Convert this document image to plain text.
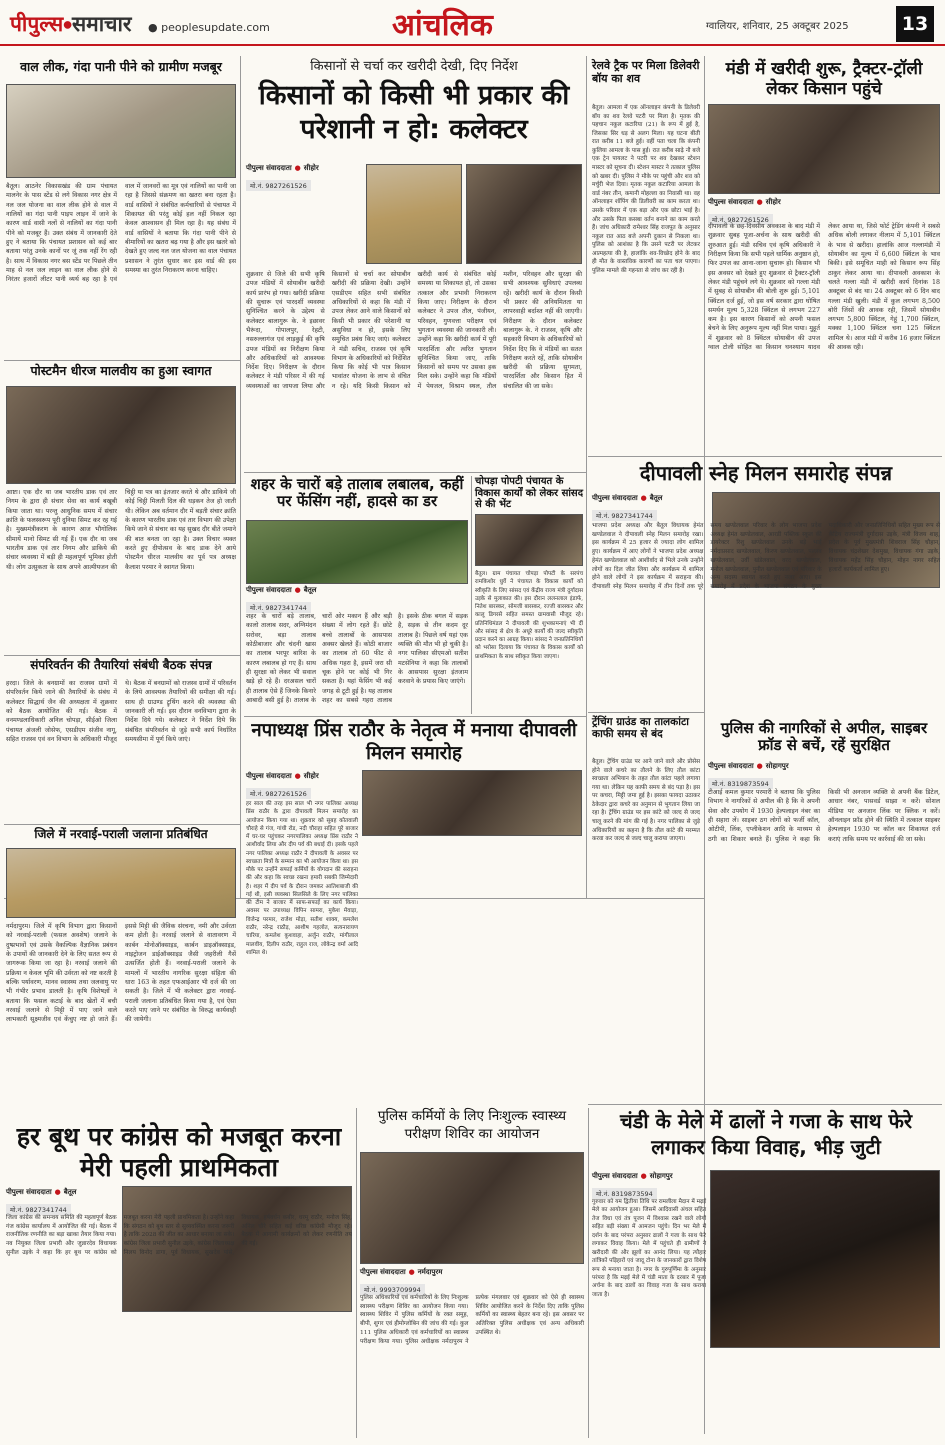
पीपुल्स●समाचार ● peoplesupdate.com	आंचलिक	ग्वालियर, शनिवार, 25 अक्टूबर 2025	13
वाल लीक, गंदा पानी पीने को ग्रामीण मजबूर
बैतूल। आठनेर विकासखंड की ग्राम पंचायत मालनेर के पास स्टेंड से लगे विकास नगर क्षेत्र में नल जल योजना का वाल लीक होने से वाल में नालियों का गंदा पानी पाइप लाइन में जाने के कारण वार्ड वासी नलों से नालियों का गंदा पानी पीने को मजबूर हैं। उक्त संबंध में जानकारी देते हुए ने बताया कि पंचायत प्रशासन को कई बार बताया परंतु उनके कानों पर जूं तक नहीं रेंग रही है। साथ में विकास नगर बस स्टेंड पर पिछले तीन माह से नल जल लाइन का वाल लीक होने से निरंतर हजारों लीटर पानी व्यर्थ बह रहा है एवं वाल में जानवरों का मूत्र एवं नालियों का पानी जा रहा है जिससे संक्रमण का खतरा बना रहता है। वार्ड वासियों ने संबंधित कर्मचारियों से पंचायत में शिकायत की परंतु कोई हल नहीं निकल रहा केवल आश्वासन ही मिल रहा है। यह संबंध में वार्ड वासियों ने बताया कि गंदा पानी पीने से बीमारियों का खतरा बढ़ गया है और इस खतरे को देखते हुए जल्द नल जल योजना का वाल पंचायत प्रशासन ने तुरंत सुधार कर इस वार्ड की इस समस्या का तुरंत निराकरण करना चाहिए।
पोस्टमैन धीरज मालवीय का हुआ स्वागत
आष्टा। एक दौर था जब भारतीय डाक एवं तार निगम के द्वारा ही संचार सेवा का कार्य बखूबी किया जाता था। परन्तु आधुनिक समय में संचार क्रांति के फलस्वरूप पूरी दुनिया सिमट कर रह गई है। मुख्यमंत्रीकरण के कारण आज भौगोलिक सीमायें मानो सिमट सी गई हैं। एक दौर था जब भारतीय डाक एवं तार निगम और डाकिये की संचार व्यवस्था में बड़ी ही महत्वपूर्ण भूमिका होती थी। लोग उत्सुकता के साथ अपने आत्मीयजन की चिट्ठी या पत्र का इंतजार करते थे और डाकिये जी कोई चिट्ठी मिलती दिल की धड़कन तेज हो जाती थी। लेकिन अब वर्तमान दौर में बड़ती संचार क्रांति के कारण भारतीय डाक एवं तार विभाग की उपेक्षा किये जाने से संचार का यह सुखद दौर बीते जमाने की बात बनता जा रहा है। उक्त विचार व्यक्त करते हुए दीपोत्सव के बाद डाक देने आये पोस्टमैन धीरज मालवीय का पूर्व पत्र अध्यक्ष कैलाश परमार ने स्वागत किया।
संपरिवर्तन की तैयारियां संबंधी बैठक संपन्न
हरदा। जिले के बनग्रामों का राजस्व ग्रामों में संपरिवर्तन किये जाने की तैयारियों के संबंध में कलेक्टर सिद्धार्थ जैन की अध्यक्षता में शुक्रवार को बैठक आयोजित की गई। बैठक में वनमण्डलाधिकारी अनिल चोपड़ा, सीईओ जिला पंचायत अंजली जोसेफ, एसडीएम संजीव नागू, सहित राजस्व एवं वन विभाग के अधिकारी मौजूद थे। बैठक में बनग्रामों को राजस्व ग्रामों में परिवर्तन के लिये आवश्यक तैयारियों की समीक्षा की गई। साथ ही ग्राउण्ड ट्रुथिंग करने की व्यवस्था की जानकारी ली गई। इस दौरान वनविभाग द्वारा के निर्देश दिये गये। कलेक्टर ने निर्देश दिये कि संबंधित संपरिवर्तन से जुड़े सभी कार्य निर्धारित समयसीमा में पूर्ण किये जाएं।
जिले में नरवाई-पराली जलाना प्रतिबंधित
नर्मदापुरम। जिले में कृषि विभाग द्वारा किसानों को नरवाई-पराली (फसल अवशेष) जलाने के दुष्प्रभावों एवं उसके वैकल्पिक वैज्ञानिक प्रबंधन के उपायों की जानकारी देने के लिए सतत रूप से जागरूक किया जा रहा है। नरवाई जलाने की प्रक्रिया न केवल भूमि की उर्वरता को नष्ट करती है बल्कि पर्यावरण, मानव स्वास्थ्य तथा जलवायु पर भी गंभीर प्रभाव डालती है। कृषि विशेषज्ञों ने बताया कि फसल कटाई के बाद खेतों में बची नरवाई जलाने से मिट्टी में पाए जाने वाले लाभकारी सूक्ष्मजीव एवं केंचुए नष्ट हो जाते हैं। इससे मिट्टी की जैविक संरचना, नमी और उर्वरता कम होती है। नरवाई जलाने से वातावरण में कार्बन मोनोऑक्साइड, कार्बन डाइऑक्साइड, नाइट्रोजन डाईऑक्साइड जैसी जहरीली गैसें उत्सर्जित होती हैं। नरवाई-पराली जलाने के मामलों में भारतीय नागरिक सुरक्षा संहिता की धारा 163 के तहत एफआईआर भी दर्ज की जा सकती है। जिले में भी कलेक्टर द्वारा नरवाई-पराली जलाना प्रतिबंधित किया गया है, एवं ऐसा करते पाए जाने पर संबंधित के विरुद्ध कार्यवाही की जायेगी।
किसानों से चर्चा कर खरीदी देखी, दिए निर्देश
किसानों को किसी भी प्रकार की परेशानी न हो: कलेक्टर
पीपुल्स संवाददाता ● सीहोर
मो.नं. 9827261526
शुक्रवार से जिले की सभी कृषि उपज मंडियों में सोयाबीन खरीदी कार्य प्रारंभ हो गया। खरीदी प्रक्रिया की सुचारू एवं पारदर्शी व्यवस्था सुनिश्चित करने के उद्देश्य से कलेक्टर बालागुरू के. ने इछावर भैरूंदा, गोपालपुर, रेहटी, नसरुल्लागंज एवं लाड़कुई की कृषि उपज मंडियों का निरीक्षण किया और अधिकारियों को आवश्यक निर्देश दिए। निरीक्षण के दौरान कलेक्टर ने मंडी परिसर में की गई व्यवस्थाओं का जायजा लिया और किसानों से चर्चा कर सोयाबीन खरीदी की प्रक्रिया देखी। उन्होंने एसडीएम सहित सभी संबंधित अधिकारियों से कहा कि मंडी में उपज लेकर आने वाले किसानों को किसी भी प्रकार की परेशानी या असुविधा न हो, इसके लिए समुचित प्रबंध किए जाएं। कलेक्टर ने मंडी सचिव, राजस्व एवं कृषि विभाग के अधिकारियों को निर्देशित किया कि कोई भी पात्र किसान भावांतर योजना के लाभ से वंचित न रहे। यदि किसी किसान को खरीदी कार्य से संबंधित कोई समस्या या शिकायत हो, तो उसका तत्काल और प्रभावी निराकरण किया जाए। निरीक्षण के दौरान कलेक्टर ने उपज तौल, पंजीयन, परिवहन, गुणवत्ता परीक्षण एवं भुगतान व्यवस्था की जानकारी ली। उन्होंने कहा कि खरीदी कार्य में पूरी पारदर्शिता और त्वरित भुगतान सुनिश्चित किया जाए, ताकि किसानों को समय पर उसका हक मिल सके। उन्होंने कहा कि मंडियों में पेयजल, विश्राम स्थल, तौल मशीन, परिवहन और सुरक्षा की सभी आवश्यक सुविधाएं उपलब्ध रहें। खरीदी कार्य के दौरान किसी भी प्रकार की अनियमितता या लापरवाही बर्दाश्त नहीं की जाएगी। निरीक्षण के दौरान कलेक्टर बालागुरू के. ने राजस्व, कृषि और सहकारी विभाग के अधिकारियों को निर्देश दिए कि वे मंडियों का सतत निरीक्षण करते रहें, ताकि सोयाबीन खरीदी की प्रक्रिया सुगमता, पारदर्शिता और किसान हित में संचालित की जा सके।
शहर के चारों बड़े तालाब लबालब, कहीं पर फेंसिंग नहीं, हादसे का डर
पीपुल्स संवाददाता ● बैतूल
मो.नं. 9827341744
शहर के चारों बड़े तालाब, कालो तालाब सदर, अग्निमंदन सरोवर, बड़ा तालाब कोठीबाजार और चंदनी खास का तालाब भरपूर बारिश के कारण लबालब हो गए हैं। साथ ही सुरक्षा को लेकर भी सवाल खड़े हो रहे हैं। दरअसल चारों ही तालाब ऐसे हैं जिनके किनारे आबादी बसी हुई है। तालाब के चारों ओर मकान हैं और बड़ी संख्या में लोग रहते हैं। छोटे बच्चे तालाबों के आसपास अक्सर खेलते हैं। कोठी बाजार का तालाब तो 60 फीट से अधिक गहरा है, इसमें जरा सी चूक होने पर कोई भी गिर सकता है। यहां फेंसिंग भी कई जगह से टूटी हुई है। यह तालाब शहर का सबसे गहरा तालाब है। इसके ठीक बगल में सड़क है, सड़क से तीन कदम दूर तालाब है। पिछले वर्ष यहां एक व्यक्ति की मौत भी हो चुकी है। नगर पालिका सीएमओ सतीश मटसेनिया ने कहा कि तालाबों के आसपास सुरक्षा इंतजाम करवाने के प्रयास किए जाएंगे।
चोपड़ा पोपटी पंचायत के विकास कार्यों को लेकर सांसद से की भेंट
बैतूल। ग्राम पंचायत चोपड़ा पोपटी के सरपंच रामकिशोर धुर्वे ने पंचायत के विकास कार्यों को स्वीकृति के लिए सांसद एवं केंद्रीय राज्य मंत्री दुर्गादास उइके से मुलाकात की। इस दौरान ललनलाल इंडार्फ, नितेश बारस्कर, सोमजी बारस्कर, रज्जी बारस्कर और कालू डिगरसे सहित समस्त ग्रामवासी मौजूद रहे। प्रतिनिधिमंडल ने दीपावली की शुभकामनाएं भी दीं और सांसद से क्षेत्र के अधूरे कार्यों की जल्द स्वीकृति प्रदान करने का आग्रह किया। सांसद ने जनप्रतिनिधियों को भरोसा दिलाया कि पंचायत के विकास कार्यों को प्राथमिकता के साथ स्वीकृत किया जाएगा।
नपाध्यक्ष प्रिंस राठौर के नेतृत्व में मनाया दीपावली मिलन समारोह
पीपुल्स संवाददाता ● सीहोर
मो.नं. 9827261526
हर साल की तरह इस साल भी नगर पालिका अध्यक्ष प्रिंस राठौर के द्वारा दीपावली मिलन समारोह का आयोजन किया गया था। शुक्रवार को सुबह कोतवाली चौराहे से गंज, गांधी रोड, नदी चौराहा सहित पूरे बाजार में घर-घर पहुंचकर नगरपालिका अध्यक्ष प्रिंस राठौर ने आशीर्वाद लिया और दीप पर्व की बधाई दी। इसके पहले नगर पालिका अध्यक्ष राठौर ने दीपावली के अवसर पर स्वच्छता मित्रों के सम्मान का भी आयोजन किया था। इस मौके पर उन्होंने सफाई कर्मियों के योगदान की सराहना की और कहा कि स्वच्छ रखना हमारी सबकी जिम्मेदारी है। शहर में दीप पर्व के दौरान जमकर आतिशबाजी की गई थी, इसी व्यवस्था सिलसिले के लिए नगर पालिका की टीम ने बाजार में साफ-सफाई का कार्य किया। अवसर पर उपाध्यक्ष विपिन सामरा, मुकेश मेवाड़ा, विजेन्द्र परमार, राजेश मोड़ा, सतीश शाक्य, कमलेश राठौर, नरेन्द्र राठौड़, आशीष गहलोत, सत्यनारायण चारिया, कमलेश कुशवाहा, अर्जुन राठौर, मांगीलाल मालवीय, दिलीप राठौर, राहुल राज, लोकेन्द्र वर्मा आदि शामिल थे।
रेलवे ट्रैक पर मिला डिलेवरी बॉय का शव
बैतूल। आमला में एक ऑनलाइन कंपनी के डिलेवरी बॉय का शव रेलवे पटरी पर मिला है। मृतक की पहचान नकुल कटारिया (21) के रूप में हुई है, जिसका सिर धड़ से अलग मिला। यह घटना बीती रात करीब 11 बजे हुई। वहीं पता चला कि कंपनी कुलिया आमला के पास हुई। रात करीब साढ़े नौ बजे एक ट्रेन पायलट ने पटरी पर शव देखकर स्टेशन मास्टर को सूचना दी। स्टेशन मास्टर ने तत्काल पुलिस को खबर दी। पुलिस ने मौके पर पहुंची और शव को मर्चुरी भेज दिया। मृतक नकुल कटारिया आमला के वार्ड नंबर तीन, कमानी मोहल्ला का निवासी था। वह ऑनलाइन शॉपिंग की डिलीवरी का काम करता था। उसके परिवार में एक बड़ा और एक छोटा भाई है। और उसके पिता कसबा वर्तन बनाने का काम करते हैं। जांच अधिकारी रामेश्वर सिंह राजपूत के अनुसार नकुल रात आठ बजे अपनी दुकान से निकला था। पुलिस को आशंका है कि उसने पटरी पर लेटकर आत्महत्या की है, हालांकि शव-विच्छेद होने के बाद ही मौत के वास्तविक कारणों का पता चल पाएगा। पुलिस मामले की गहनता से जांच कर रही है।
मंडी में खरीदी शुरू, ट्रैक्टर-ट्रॉली लेकर किसान पहुंचे
पीपुल्स संवाददाता ● सीहोर
मो.नं. 9827261526
दीपावली के छह-दिवसीय अवकाश के बाद मंडी में शुक्रवार सुबह पूजा-अर्चना के साथ खरीदी की शुरुआत हुई। मंडी सचिव एवं कृषि अधिकारी ने निरीक्षण किया कि सभी पहले धार्मिक अनुष्ठान हो, फिर उपज का आना-जाना सुचारू हो। किसान भी इस अवसर को देखते हुए शुक्रवार से ट्रैक्टर-ट्रॉली लेकर मंडी पहुंचने लगे थे। शुक्रवार को गल्ला मंडी में सुबह से सोयाबीन की बोली शुरू हुई। 5,101 क्विंटल दर्ज हुई, जो इस वर्ष सरकार द्वारा घोषित समर्थन मूल्य 5,328 क्विंटल से लगभग 227 कम है। इस कारण किसानों को अपनी फसल बेचने के लिए अनुरूप मूल्य नहीं मिल पाया। मुहूर्त में शुक्रवार को 8 क्विंटल सोयाबीन की उपज ग्वाल टोली सोहित का किसान घनश्याम यादव लेकर आया था, जिसे फोर्ट ट्रेडिंग कंपनी ने सबसे अधिक बोली लगाकर नीलाम में 5,101 क्विंटल के भाव से खरीदा। हालांकि आज गल्लामंडी में सोयाबीन का मूल्य में 6,600 क्विंटल के भाव बिकी। इसे समूचित माही को किसान रूप सिंह ठाकुर लेकर आया था। दीपावली अवकाश के चलते गल्ला मंडी में खरीदी कार्य दिनांक 18 अक्टूबर से बंद था। 24 अक्टूबर को 6 दिन बाद गल्ला मंडी खुली। मंडी में कुल लगभग 8,500 बोरी जिंसों की आवक रही, जिसमें सोयाबीन लगभग 5,800 क्विंटल, गेहूं 1,700 क्विंटल, मक्का 1,100 क्विंटल चना 125 क्विंटल शामिल थे। आज मंडी में करीब 16 हजार क्विंटल की आवक रही।
दीपावली स्नेह मिलन समारोह संपन्न
पीपुल्स संवाददाता ● बैतूल
मो.नं. 9827341744
भाजपा प्रदेश अध्यक्ष और बैतूल विधायक हेमंत खण्डेलवाल ने दीपावली स्नेह मिलन समारोह रखा। इस कार्यक्रम में 25 हजार से ज्यादा लोग शामिल हुए। कार्यक्रम में आए लोगों ने भाजपा प्रदेश अध्यक्ष हेमंत खण्डेलवाल को आशीर्वाद से भिले उनके उन्होंने लोगों का दिल जीत लिया और कार्यक्रम में शामिल होने वाले लोगों ने इस कार्यक्रम में सराहना की। दीपावली स्नेह मिलन समारोह में तीन दिनों तक पूरे समय खण्डेलवाल परिवार के लोग भाजपा प्रदेश अध्यक्ष हेमंत खण्डेलवाल, आरडी पब्लिक स्कूल की डायरेक्टर रिशु खण्डेलवाल उनके बड़े भाई नर्मदाप्रसाद खण्डेलवाल, किरण खण्डेलवाल, पल्लव खण्डेलवाल, उर्वी खंडेलवाल, वरद खण्डेलवाल, मनोज खण्डेलवाल, पुनीत खण्डेलवाल एवं परिवार के अन्य सदस्य स्वागत करते हुए नजर आए। इस समारोह में प्रदेश के भाजपा संगठन के मुख्य पदाधिकारी और जनप्रतिनिधियों सहित मुख्य रूप से केंद्रिय राज्यमंत्री दुर्गादास उइके, मंत्री विजय शाह, प्रदेश के पूर्व मुख्यमंत्री शिवराज सिंह चौहान, विधायक चंद्रशेखर देशमुख, विधायक गंगा उइके, विधायक महेंद्र सिंह चौहान, मोहन नागर सहित हजारों कार्यकर्ता शामिल हुए।
ट्रेंचिंग ग्राउंड का तालकांटा काफी समय से बंद
बैतूल। ट्रेंचिंग ग्राउंड पर आने जाने वाले और प्रोसेस होने वाले कचरे का तौलने के लिए तौल कांटा स्वच्छता अभियान के तहत तौल कांटा पहले लगाया गया था। लेकिन यह काफी समय से बंद पड़ा है। इस पर कचरा, मिट्टी जमा हुई है। इसका फायदा उठाकर ठेकेदार द्वारा कचरे का अनुमान से भुगतान लिया जा रहा है। ट्रेंचिंग ग्राउंड पर इस कांटे को जल्द से जल्द चालू करने की मांग की गई है। नगर पालिका से जुड़े अधिकारियों का कहना है कि तौल कांटे की मरम्मत करवा कर जल्द से जल्द चालू कराया जाएगा।
पुलिस की नागरिकों से अपील, साइबर फ्रॉड से बचें, रहें सुरक्षित
पीपुल्स संवाददाता ● सोहागपुर
मो.नं. 8319873594
टीआई कमल कुमार परमारी ने बताया कि पुलिस विभाग ने नागरिकों से अपील की है कि वे अपनी सेवा और उपयोग में 1930 हेल्पलाइन नंबर का ही सहारा लें। साइबर ठग लोगों को फर्जी कॉल, ओटीपी, लिंक, एप्लीकेशन आदि के माध्यम से ठगी का शिकार बनाते हैं। पुलिस ने कहा कि किसी भी अनजान व्यक्ति से अपनी बैंक डिटेल, आधार नंबर, पासवर्ड साझा न करें। सोशल मीडिया पर अनजान लिंक पर क्लिक न करें। ऑनलाइन फ्रॉड होने की स्थिति में तत्काल साइबर हेल्पलाइन 1930 पर कॉल कर शिकायत दर्ज कराएं ताकि समय पर कार्रवाई की जा सके।
हर बूथ पर कांग्रेस को मजबूत करना मेरी पहली प्राथमिकता
पीपुल्स संवाददाता ● बैतूल
मो.नं. 9827341744
जिला कांग्रेस की समन्वय समिति की महत्वपूर्ण बैठक गंज कांग्रेस कार्यालय में आयोजित की गई। बैठक में राजनीतिक रणनीति का बड़ा खाका तैयार किया गया। नव नियुक्त जिला प्रभारी और जुन्नारदेव विधायक सुनील उइके ने कहा कि हर बूथ पर कांग्रेस को मजबूत करना मेरी पहली प्राथमिकता है। उन्होंने कहा कि संगठन को बूथ स्तर से सुव्यवस्थित करना जरूरी है ताकि 2028 की जीत का आधार बनाया जा सके। कांग्रेस जिला प्रभारी सुनील उइके, कांग्रेस जिलाध्यक्ष निलय विनोद डागा, पूर्व विधायक, सुखदेव पांसे, विधायक, हर्षवर्धन कबीर, धरमू राठौर, मनोज सिंह, अनिल चौरे सहित कई वरिष्ठ कांग्रेसी मौजूद रहे। बैठक में आगामी कार्यक्रमों को लेकर रणनीति तय की गई।
पुलिस कर्मियों के लिए निःशुल्क स्वास्थ्य परीक्षण शिविर का आयोजन
पीपुल्स संवाददाता ● नर्मदापुरम
मो.नं. 9993709994
पुलिस अधिकारियों एवं कर्मचारियों के लिए निःशुल्क स्वास्थ्य परीक्षण शिविर का आयोजन किया गया। स्वास्थ्य शिविर में पुलिस कर्मियों के रक्त समूह, बीपी, शुगर एवं हीमोग्लोबिन की जांच की गई। कुल 111 पुलिस अधिकारी एवं कर्मचारियों का स्वास्थ्य परीक्षण किया गया। पुलिस अधीक्षक नर्मदापुरम ने प्रत्येक मंगलवार एवं शुक्रवार को ऐसे ही स्वास्थ्य शिविर आयोजित करने के निर्देश दिए ताकि पुलिस कर्मियों का स्वास्थ्य बेहतर बना रहे। इस अवसर पर अतिरिक्त पुलिस अधीक्षक एवं अन्य अधिकारी उपस्थित थे।
चंडी के मेले में ढालों ने गजा के साथ फेरे लगाकर किया विवाह, भीड़ जुटी
पीपुल्स संवाददाता ● सोहागपुर
मो.नं. 8319873594
गुरुवार को यम द्वितीया तिथि पर रामलीला मैदान में मढ़ई मेले का आयोजन हुआ। जिसमें आदिवासी अंचल सहित तेज विधा एवं तंत्र पूजन में विश्वास रखने वाले लोगों सहित बड़ी संख्या में आमजन पहुंचे। दिन भर मेले में दर्शन के बाद परंपरा अनुसार ढालों ने गजा के साथ फेरे लगाकर विवाह किया। मेले में पहुंचते ही ग्रामीणों ने खरीदारी की और झूलों का आनंद लिया। यह त्यौहार तांत्रिकों पड़िहारों एवं जादू टोना के जानकारों द्वारा विशेष रूप से मनाया जाता है। नगर के गुरुपूर्णिमा के अनुसार परंपरा है कि मढ़ई मेले में चंडी माता के दरबार में पूजा अर्चना के बाद ढालों का विवाह गजा के साथ कराया जाता है।
